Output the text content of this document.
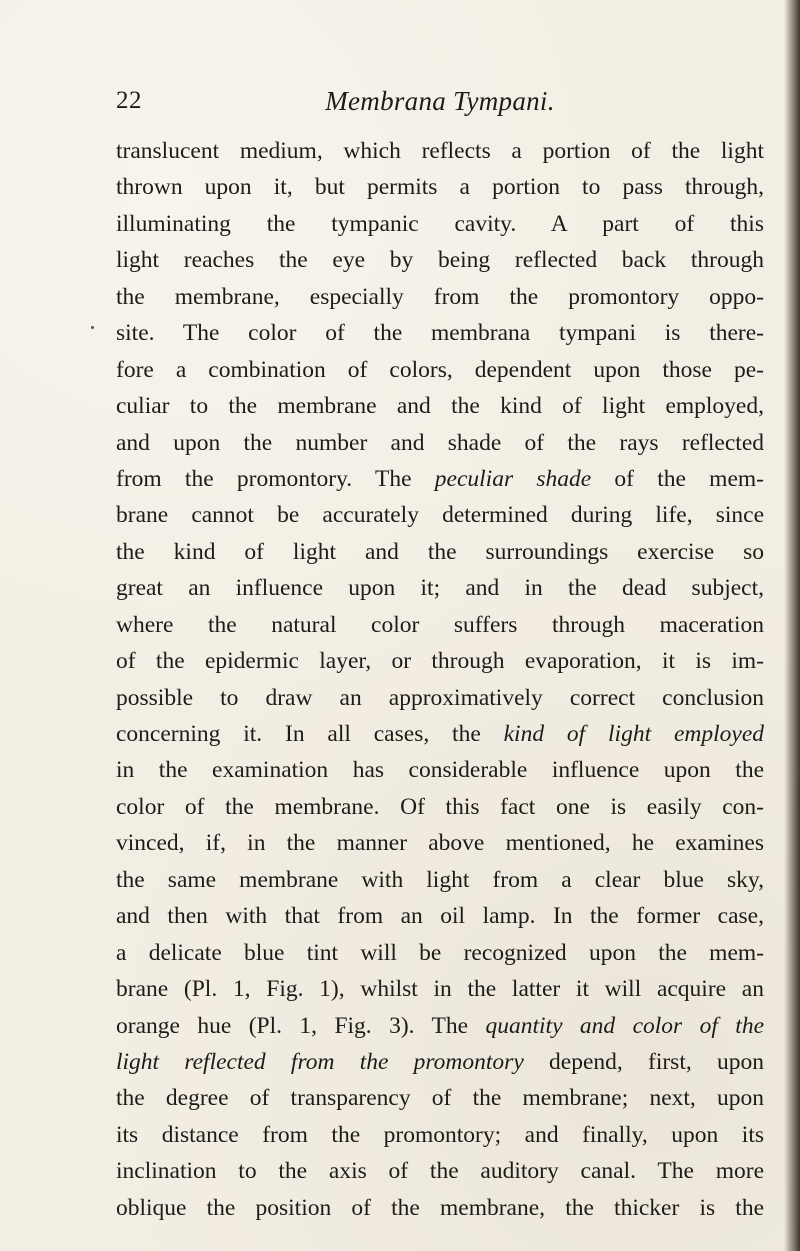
22	Membrana Tympani.
translucent medium, which reflects a portion of the light
thrown upon it, but permits a portion to pass through,
illuminating the tympanic cavity. A part of this
light reaches the eye by being reflected back through
the membrane, especially from the promontory oppo-
site. The color of the membrana tympani is there-
fore a combination of colors, dependent upon those pe-
culiar to the membrane and the kind of light employed,
and upon the number and shade of the rays reflected
from the promontory. The peculiar shade of the mem-
brane cannot be accurately determined during life, since
the kind of light and the surroundings exercise so
great an influence upon it; and in the dead subject,
where the natural color suffers through maceration
of the epidermic layer, or through evaporation, it is im-
possible to draw an approximatively correct conclusion
concerning it. In all cases, the kind of light employed
in the examination has considerable influence upon the
color of the membrane. Of this fact one is easily con-
vinced, if, in the manner above mentioned, he examines
the same membrane with light from a clear blue sky,
and then with that from an oil lamp. In the former case,
a delicate blue tint will be recognized upon the mem-
brane (Pl. 1, Fig. 1), whilst in the latter it will acquire an
orange hue (Pl. 1, Fig. 3). The quantity and color of the
light reflected from the promontory depend, first, upon
the degree of transparency of the membrane; next, upon
its distance from the promontory; and finally, upon its
inclination to the axis of the auditory canal. The more
oblique the position of the membrane, the thicker is the
